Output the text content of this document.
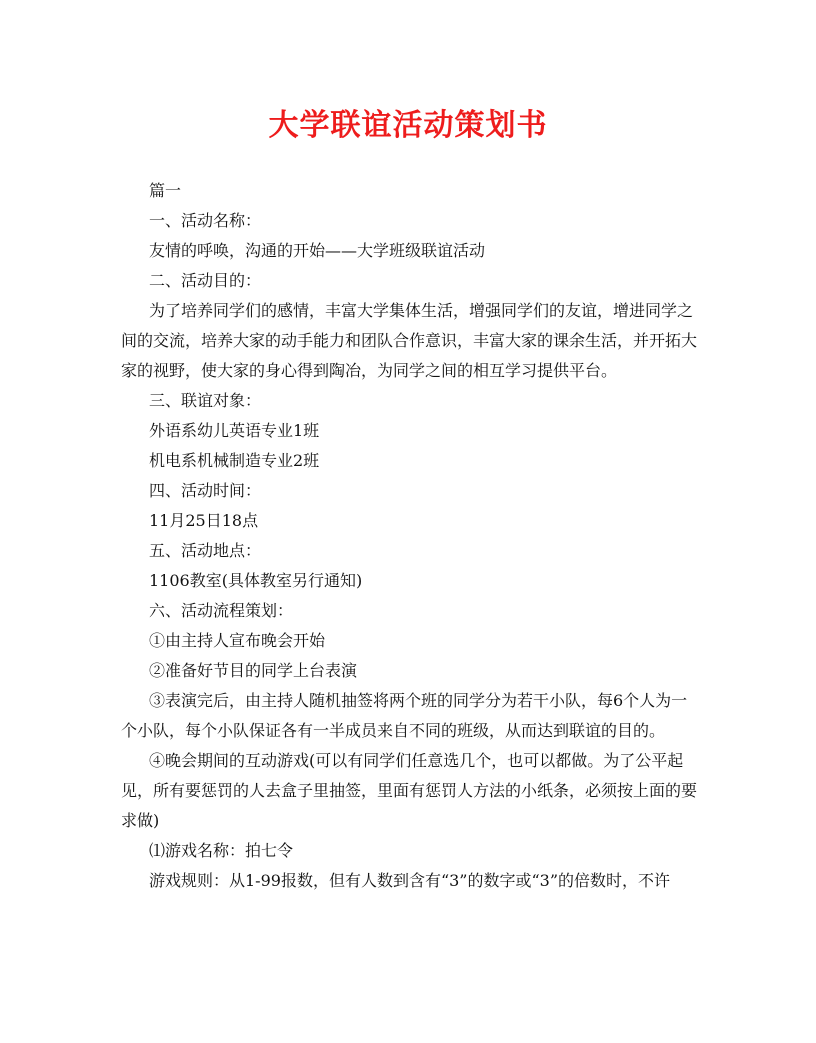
大学联谊活动策划书

篇一

一、活动名称：

友情的呼唤，沟通的开始——大学班级联谊活动

二、活动目的：

为了培养同学们的感情，丰富大学集体生活，增强同学们的友谊，增进同学之间的交流，培养大家的动手能力和团队合作意识，丰富大家的课余生活，并开拓大家的视野，使大家的身心得到陶冶，为同学之间的相互学习提供平台。

三、联谊对象：

外语系幼儿英语专业1班

机电系机械制造专业2班

四、活动时间：

11月25日18点

五、活动地点：

1106教室(具体教室另行通知)

六、活动流程策划：

①由主持人宣布晚会开始

②准备好节目的同学上台表演

③表演完后，由主持人随机抽签将两个班的同学分为若干小队，每6个人为一个小队，每个小队保证各有一半成员来自不同的班级，从而达到联谊的目的。

④晚会期间的互动游戏(可以有同学们任意选几个，也可以都做。为了公平起见，所有要惩罚的人去盒子里抽签，里面有惩罚人方法的小纸条，必须按上面的要求做)

⑴游戏名称：拍七令

游戏规则：从1-99报数，但有人数到含有“3”的数字或“3”的倍数时，不许
